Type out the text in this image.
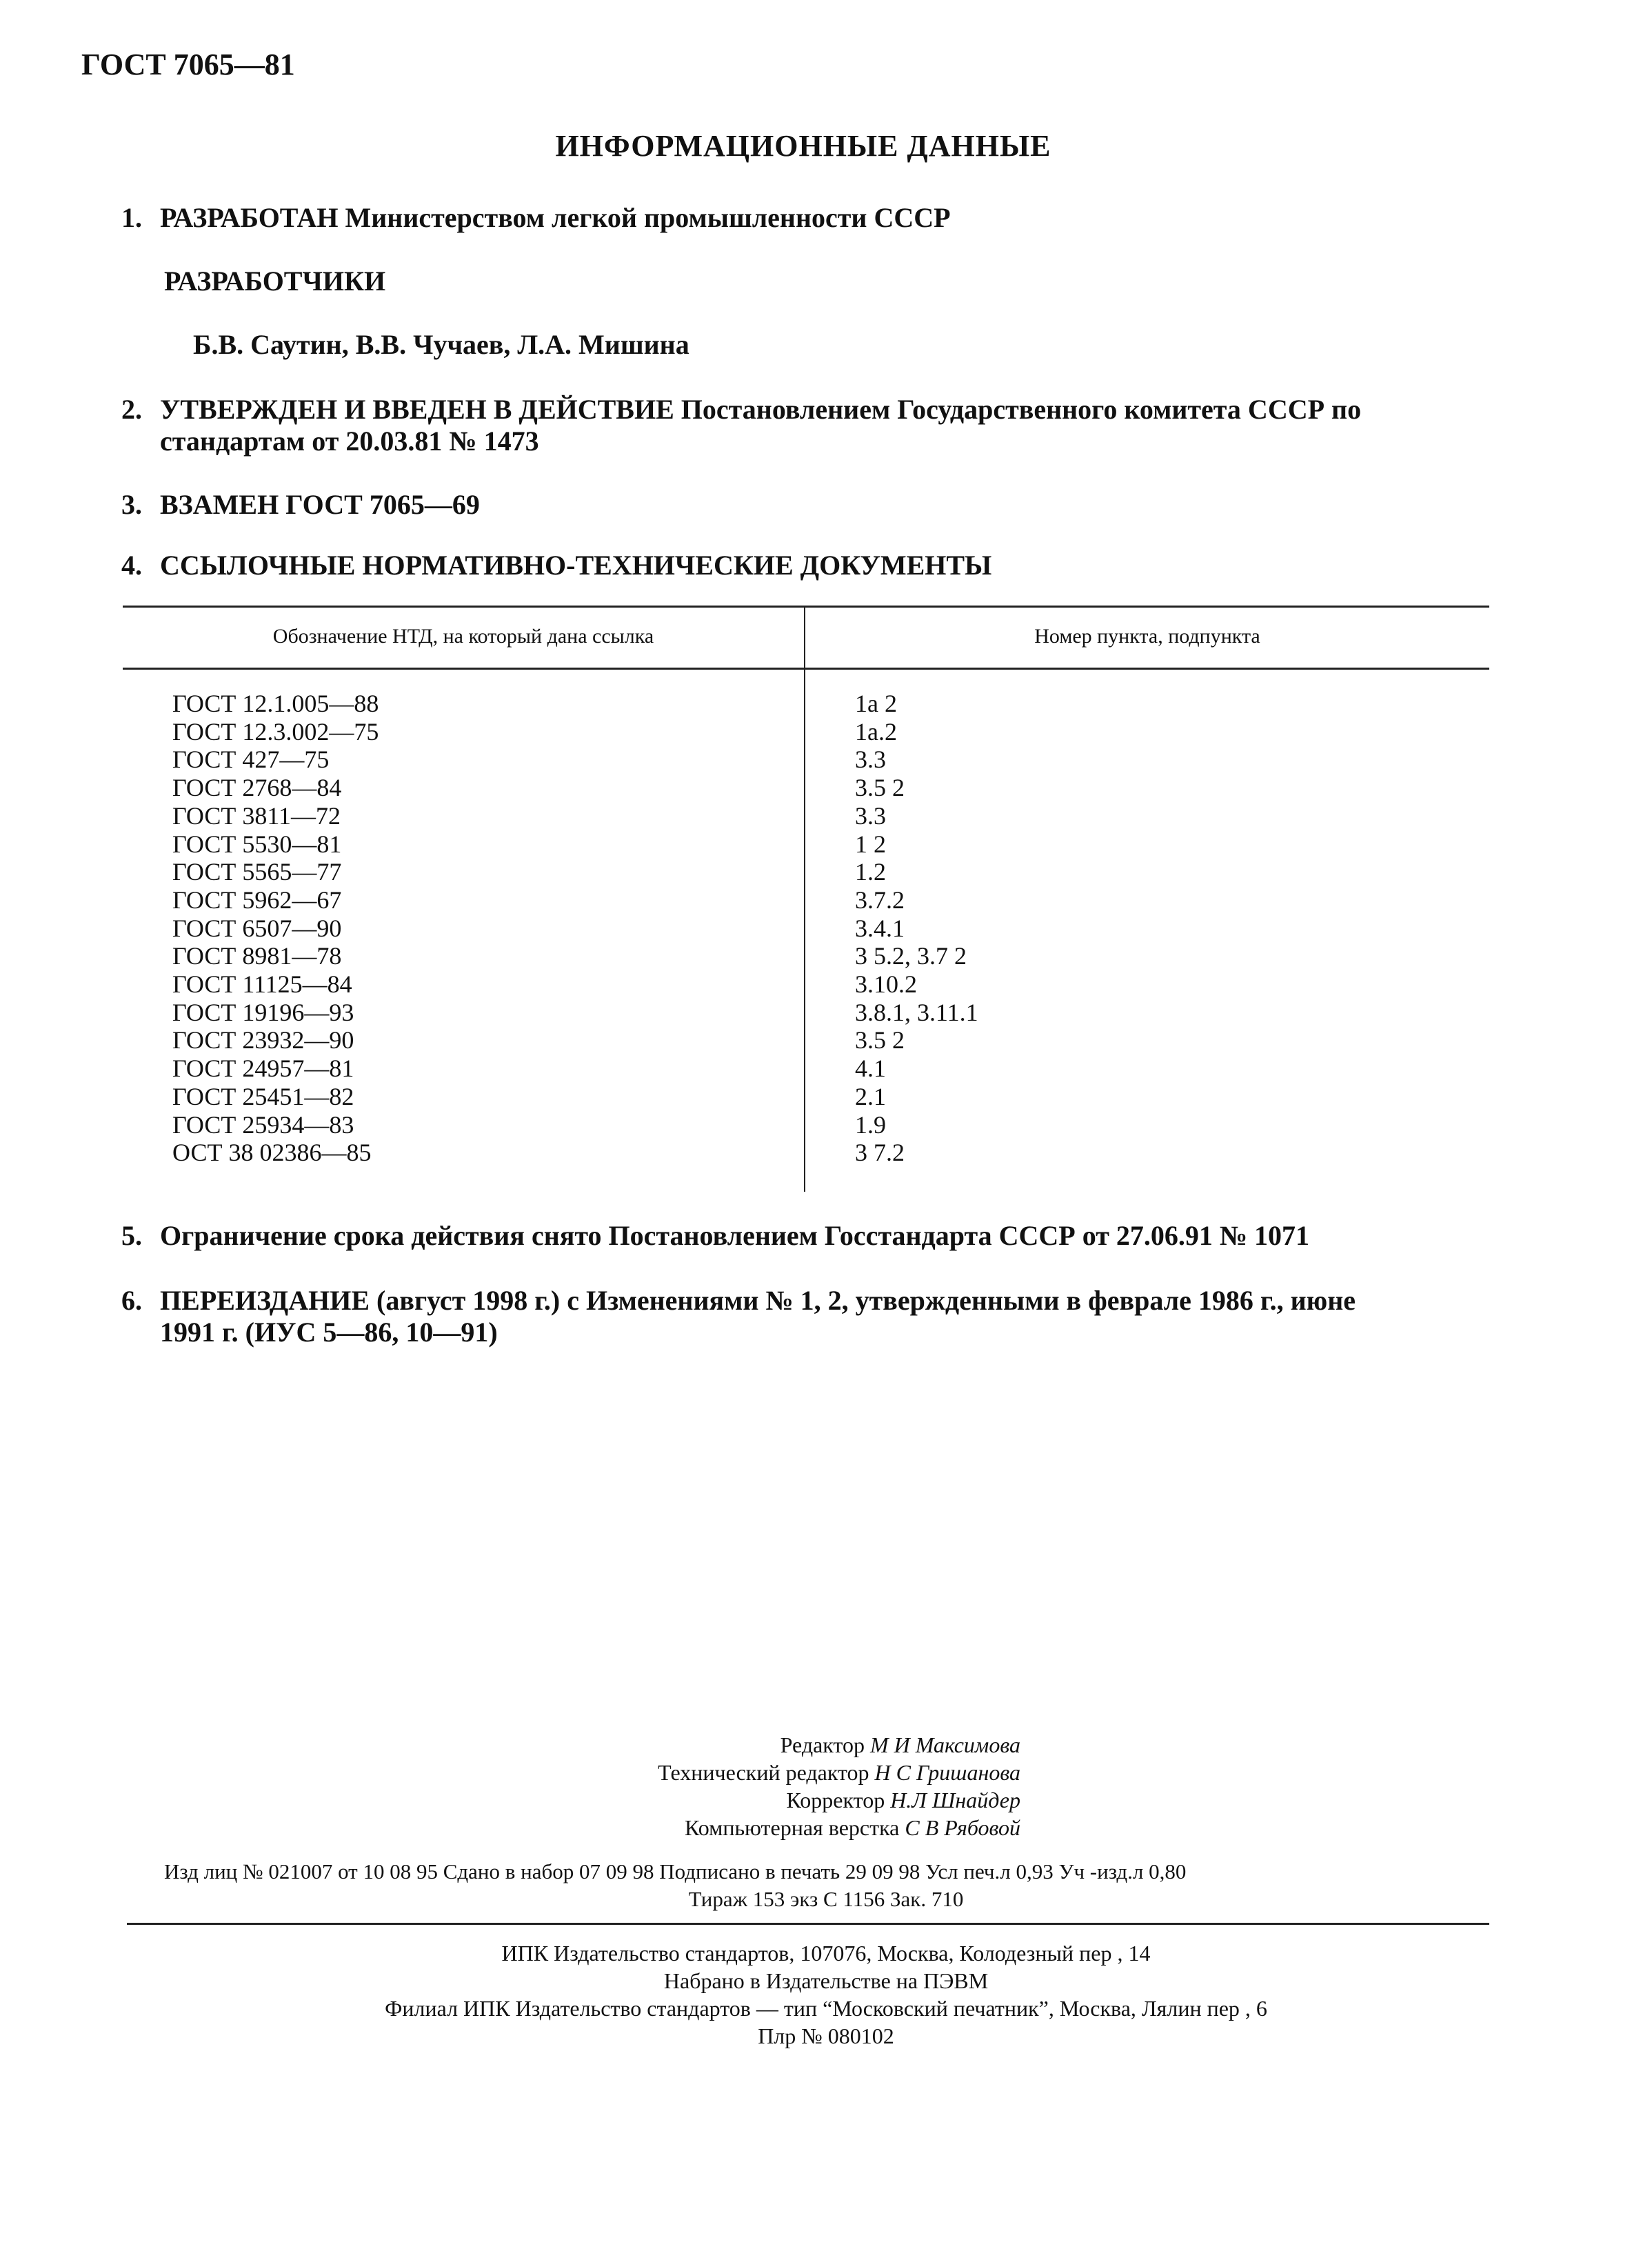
ГОСТ 7065—81
ИНФОРМАЦИОННЫЕ ДАННЫЕ
1. РАЗРАБОТАН Министерством легкой промышленности СССР
РАЗРАБОТЧИКИ
Б.В. Саутин, В.В. Чучаев, Л.А. Мишина
2. УТВЕРЖДЕН И ВВЕДЕН В ДЕЙСТВИЕ Постановлением Государственного комитета СССР по
стандартам от 20.03.81 № 1473
3. ВЗАМЕН ГОСТ 7065—69
4. ССЫЛОЧНЫЕ НОРМАТИВНО-ТЕХНИЧЕСКИЕ ДОКУМЕНТЫ
Обозначение НТД, на который дана ссылка	Номер пункта, подпункта
ГОСТ 12.1.005—88
ГОСТ 12.3.002—75
ГОСТ 427—75
ГОСТ 2768—84
ГОСТ 3811—72
ГОСТ 5530—81
ГОСТ 5565—77
ГОСТ 5962—67
ГОСТ 6507—90
ГОСТ 8981—78
ГОСТ 11125—84
ГОСТ 19196—93
ГОСТ 23932—90
ГОСТ 24957—81
ГОСТ 25451—82
ГОСТ 25934—83
ОСТ 38 02386—85
1а 2
1а.2
3.3
3.5 2
3.3
1 2
1.2
3.7.2
3.4.1
3 5.2, 3.7 2
3.10.2
3.8.1, 3.11.1
3.5 2
4.1
2.1
1.9
3 7.2
5. Ограничение срока действия снято Постановлением Госстандарта СССР от 27.06.91 № 1071
6. ПЕРЕИЗДАНИЕ (август 1998 г.) с Изменениями № 1, 2, утвержденными в феврале 1986 г., июне
1991 г. (ИУС 5—86, 10—91)
Редактор М И Максимова
Технический редактор Н С Гришанова
Корректор Н.Л Шнайдер
Компьютерная верстка С В Рябовой
Изд лиц № 021007 от 10 08 95 Сдано в набор 07 09 98 Подписано в печать 29 09 98 Усл печ.л 0,93 Уч -изд.л 0,80
Тираж 153 экз С 1156 Зак. 710
ИПК Издательство стандартов, 107076, Москва, Колодезный пер , 14
Набрано в Издательстве на ПЭВМ
Филиал ИПК Издательство стандартов — тип “Московский печатник”, Москва, Лялин пер , 6
Плр № 080102
